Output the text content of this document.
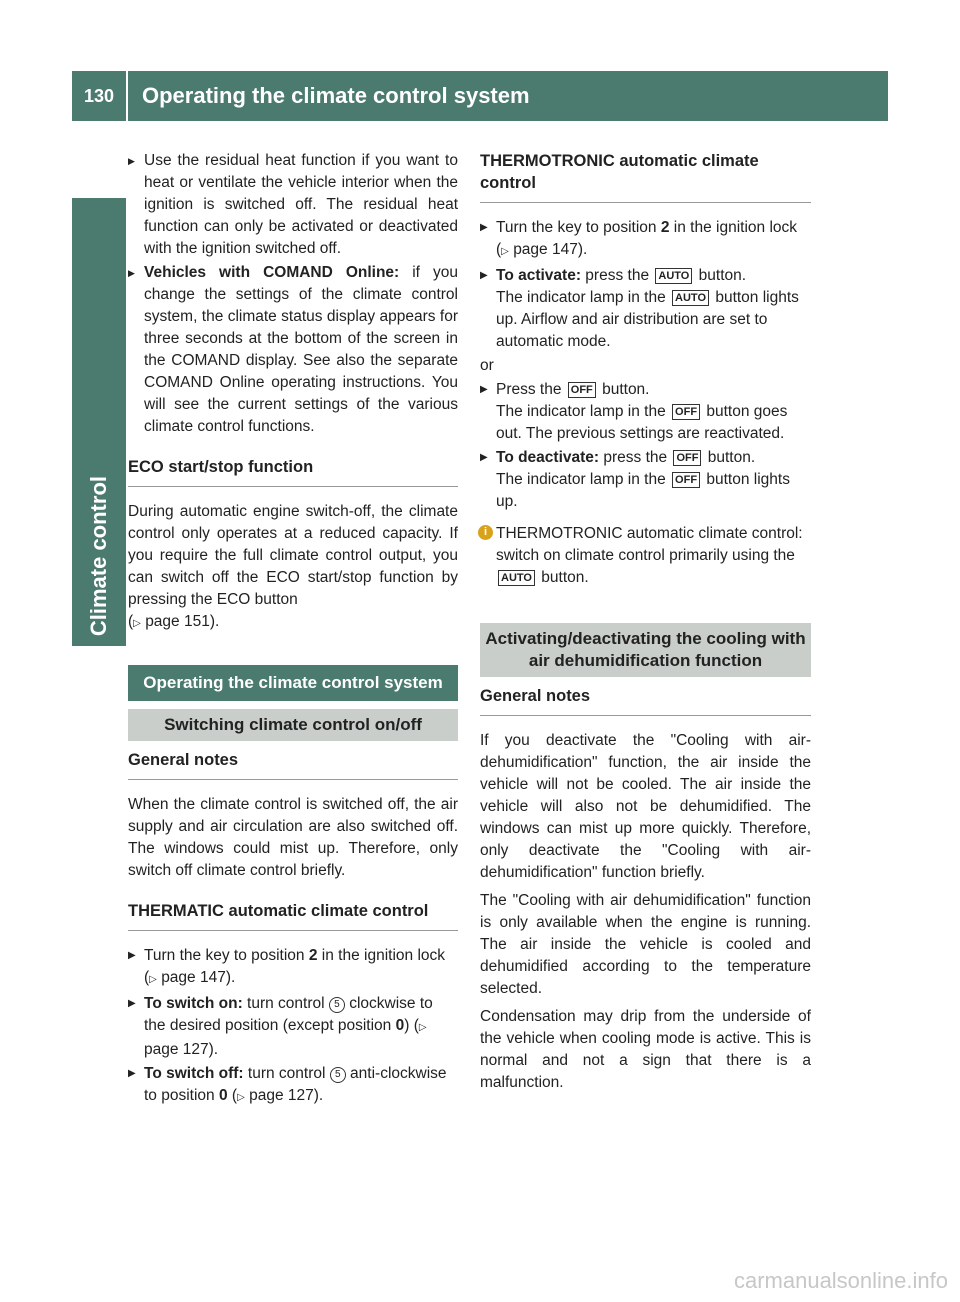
130	Operating the climate control system
Climate control
▶ Use the residual heat function if you want to heat or ventilate the vehicle interior when the ignition is switched off. The residual heat function can only be activated or deactivated with the ignition switched off.
▶ Vehicles with COMAND Online: if you change the settings of the climate control system, the climate status display appears for three seconds at the bottom of the screen in the COMAND display. See also the separate COMAND Online operating instructions. You will see the current settings of the various climate control functions.
ECO start/stop function

During automatic engine switch-off, the climate control only operates at a reduced capacity. If you require the full climate control output, you can switch off the ECO start/stop function by pressing the ECO button
(▷ page 151).

Operating the climate control system
Switching climate control on/off
General notes

When the climate control is switched off, the air supply and air circulation are also switched off. The windows could mist up. Therefore, only switch off climate control briefly.

THERMATIC automatic climate control
▶ Turn the key to position 2 in the ignition lock (▷ page 147).
▶ To switch on: turn control 5 clockwise to the desired position (except position 0) (▷ page 127).
▶ To switch off: turn control 5 anti-clockwise to position 0 (▷ page 127).
THERMOTRONIC automatic climate control
▶ Turn the key to position 2 in the ignition lock (▷ page 147).
▶ To activate: press the AUTO button.
The indicator lamp in the AUTO button lights up. Airflow and air distribution are set to automatic mode.

or

▶ Press the OFF button.
The indicator lamp in the OFF button goes out. The previous settings are reactivated.
▶ To deactivate: press the OFF button.
The indicator lamp in the OFF button lights up.
i THERMOTRONIC automatic climate control: switch on climate control primarily using the AUTO button.
Activating/deactivating the cooling with air dehumidification function
General notes

If you deactivate the "Cooling with air-dehumidification" function, the air inside the vehicle will not be cooled. The air inside the vehicle will also not be dehumidified. The windows can mist up more quickly. Therefore, only deactivate the "Cooling with air-dehumidification" function briefly.

The "Cooling with air dehumidification" function is only available when the engine is running. The air inside the vehicle is cooled and dehumidified according to the temperature selected.

Condensation may drip from the underside of the vehicle when cooling mode is active. This is normal and not a sign that there is a malfunction.

carmanualsonline.info
